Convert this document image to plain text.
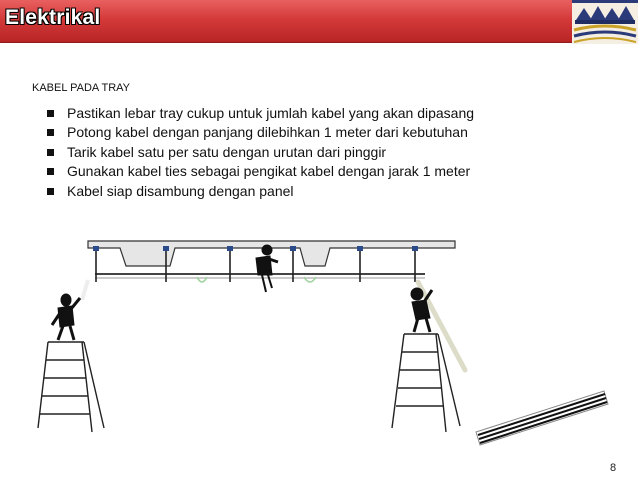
Elektrikal
KABEL PADA TRAY
Pastikan lebar tray cukup untuk jumlah kabel yang akan dipasang
Potong kabel dengan panjang dilebihkan 1 meter dari kebutuhan
Tarik kabel satu per satu dengan urutan dari pinggir
Gunakan kabel ties sebagai pengikat kabel dengan jarak 1 meter
Kabel siap disambung dengan panel
8
